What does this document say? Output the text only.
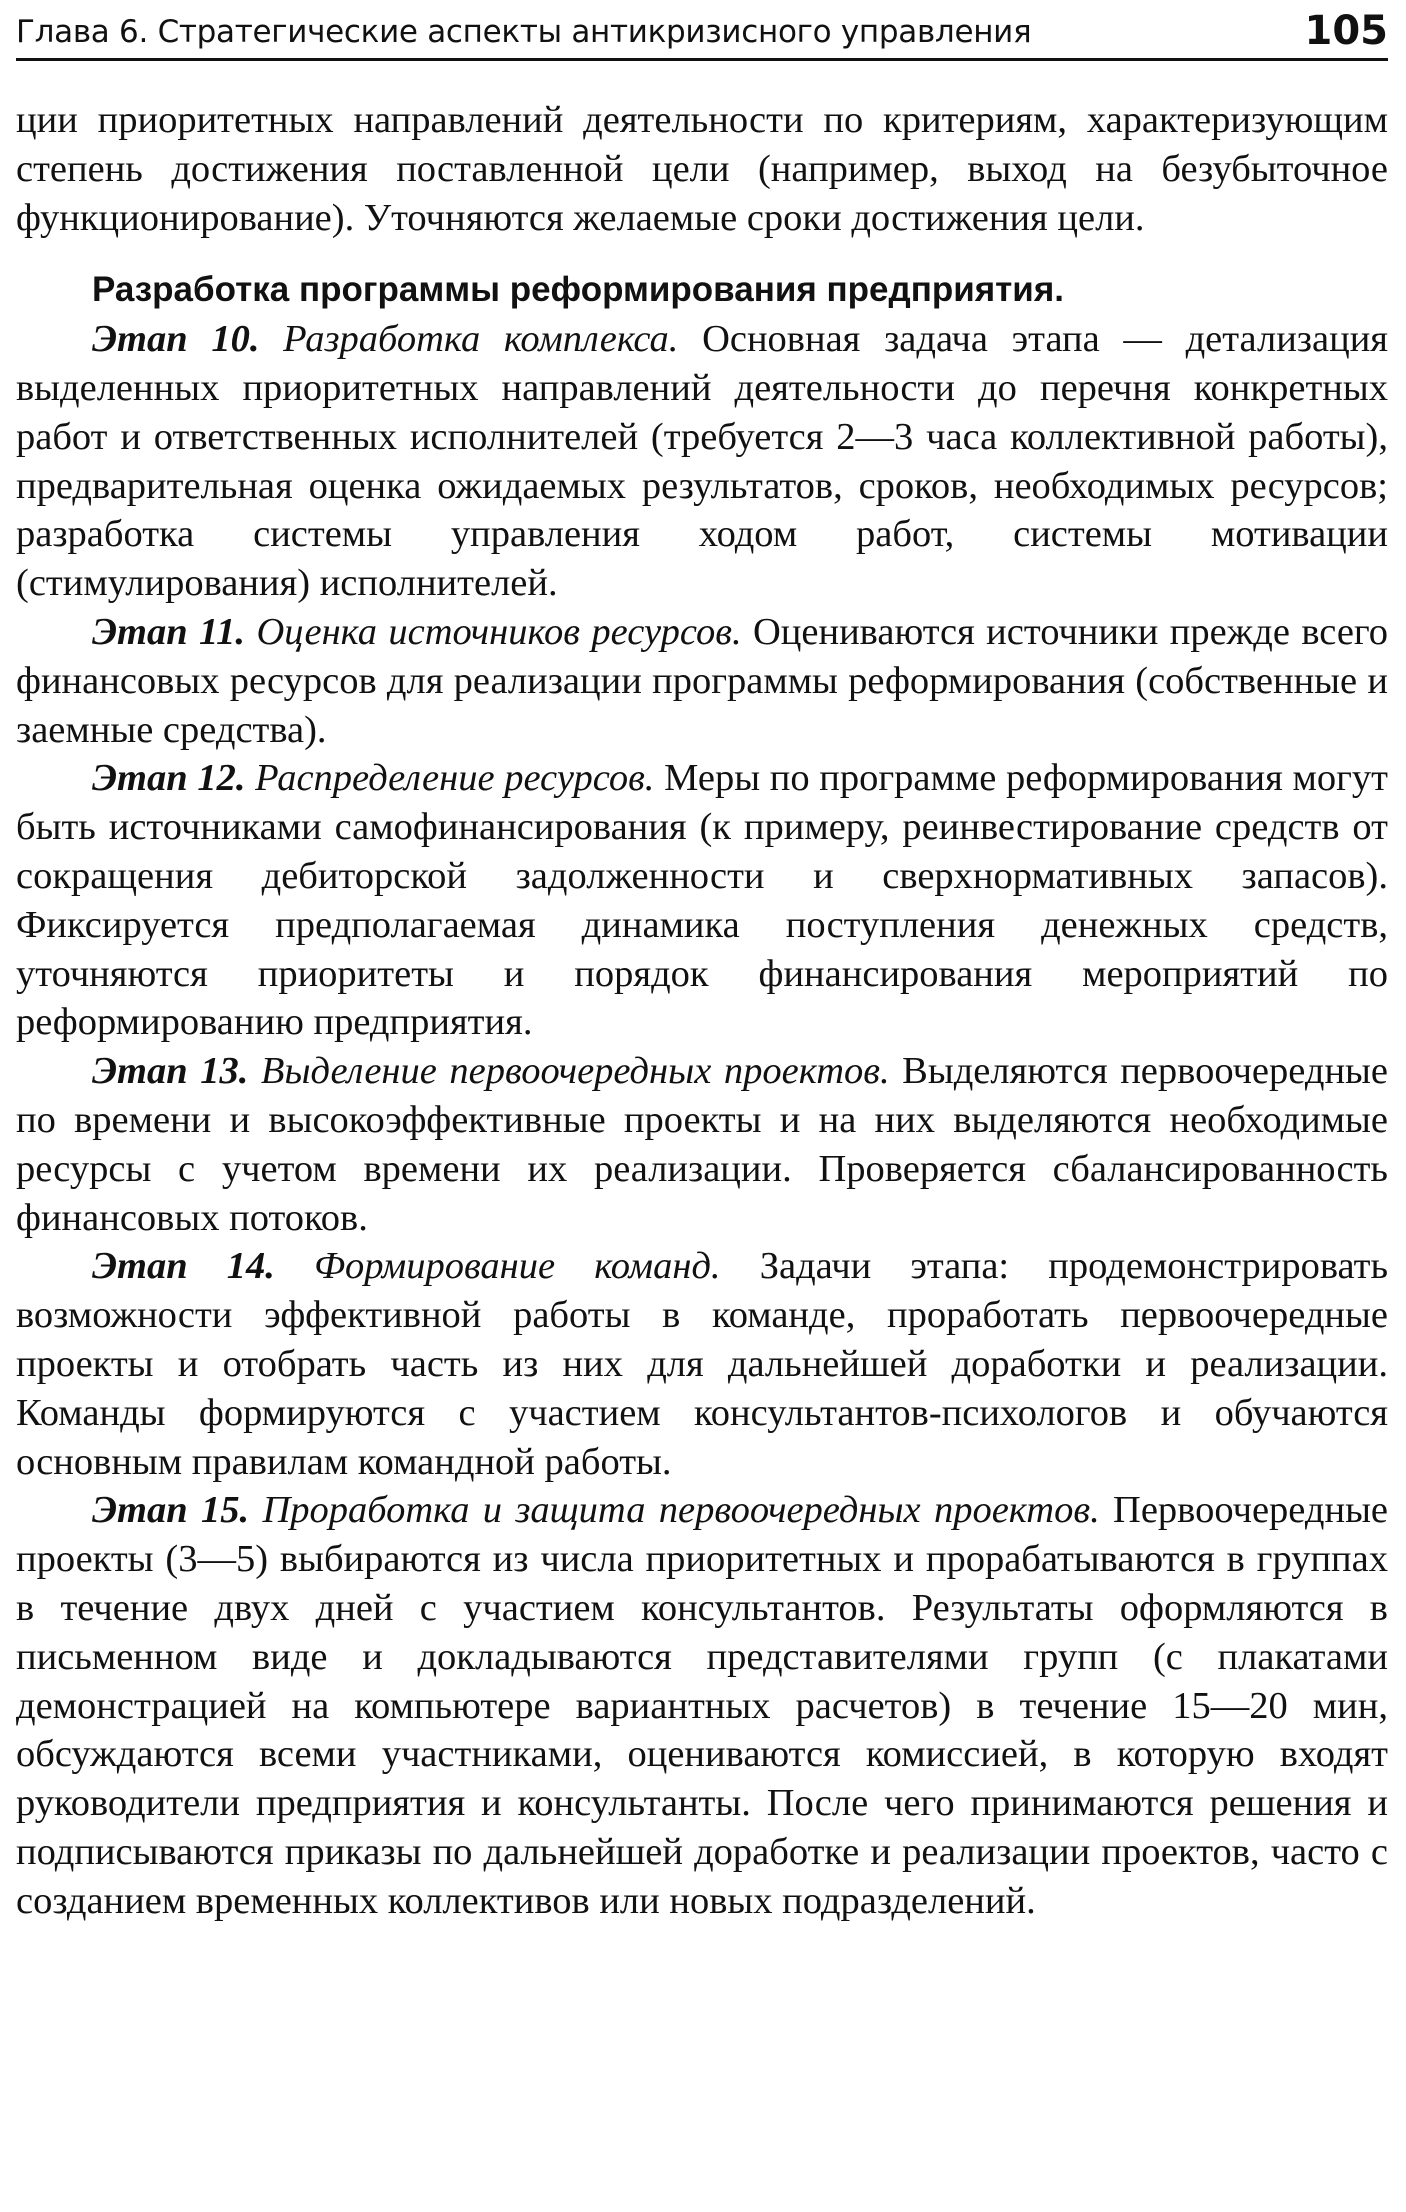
Глава 6. Стратегические аспекты антикризисного управления	105

ции приоритетных направлений деятельности по критериям, характеризующим степень достижения поставленной цели (например, выход на безубыточное функционирование). Уточняются желаемые сроки достижения цели.

Разработка программы реформирования предприятия.

Этап 10. Разработка комплекса. Основная задача этапа — детализация выделенных приоритетных направлений деятельности до перечня конкретных работ и ответственных исполнителей (требуется 2—3 часа коллективной работы), предварительная оценка ожидаемых результатов, сроков, необходимых ресурсов; разработка системы управления ходом работ, системы мотивации (стимулирования) исполнителей.

Этап 11. Оценка источников ресурсов. Оцениваются источники прежде всего финансовых ресурсов для реализации программы реформирования (собственные и заемные средства).

Этап 12. Распределение ресурсов. Меры по программе реформирования могут быть источниками самофинансирования (к примеру, реинвестирование средств от сокращения дебиторской задолженности и сверхнормативных запасов). Фиксируется предполагаемая динамика поступления денежных средств, уточняются приоритеты и порядок финансирования мероприятий по реформированию предприятия.

Этап 13. Выделение первоочередных проектов. Выделяются первоочередные по времени и высокоэффективные проекты и на них выделяются необходимые ресурсы с учетом времени их реализации. Проверяется сбалансированность финансовых потоков.

Этап 14. Формирование команд. Задачи этапа: продемонстрировать возможности эффективной работы в команде, проработать первоочередные проекты и отобрать часть из них для дальнейшей доработки и реализации. Команды формируются с участием консультантов-психологов и обучаются основным правилам командной работы.

Этап 15. Проработка и защита первоочередных проектов. Первоочередные проекты (3—5) выбираются из числа приоритетных и прорабатываются в группах в течение двух дней с участием консультантов. Результаты оформляются в письменном виде и докладываются представителями групп (с плакатами демонстрацией на компьютере вариантных расчетов) в течение 15—20 мин, обсуждаются всеми участниками, оцениваются комиссией, в которую входят руководители предприятия и консультанты. После чего принимаются решения и подписываются приказы по дальнейшей доработке и реализации проектов, часто с созданием временных коллективов или новых подразделений.
